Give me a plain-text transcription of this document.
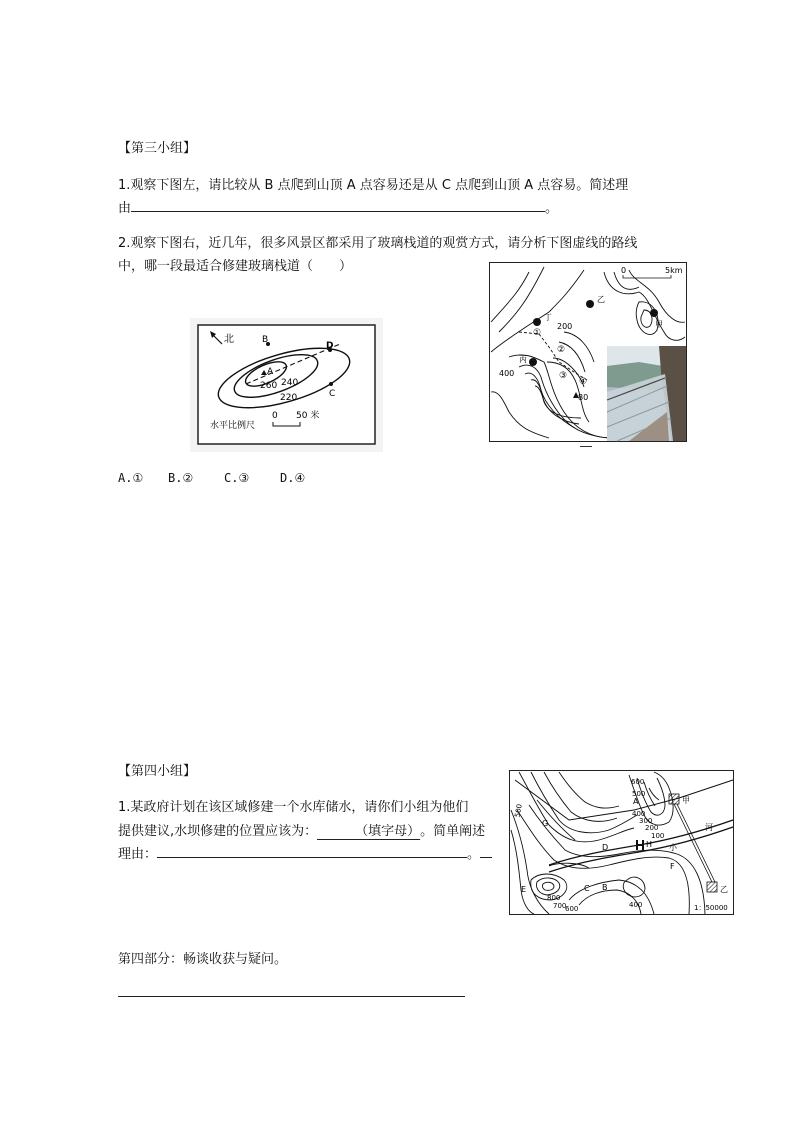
【第三小组】
1.观察下图左，请比较从 B 点爬到山顶 A 点容易还是从 C 点爬到山顶 A 点容易。简述理
由	。
2.观察下图右，近几年，很多风景区都采用了玻璃栈道的观赏方式，请分析下图虚线的路线
中，哪一段最适合修建玻璃栈道（　　）
北	B
D
C
A
260 240
220
水平比例尺
0 50 米
0	5km
丁
乙
甲
丙
①
②
③
④
200
400
80
A.① B.②	C.③	D.④
【第四小组】
1.某政府计划在该区域修建一个水库储水，请你们小组为他们
提供建议,水坝修建的位置应该为：	（填字母）。简单阐述
理由：	。
甲
乙
河
小
A
B
C
D
E
F
G
H
600
500
400
300
200
100
800
700
600
500
400	1：50000
第四部分：畅谈收获与疑问。
